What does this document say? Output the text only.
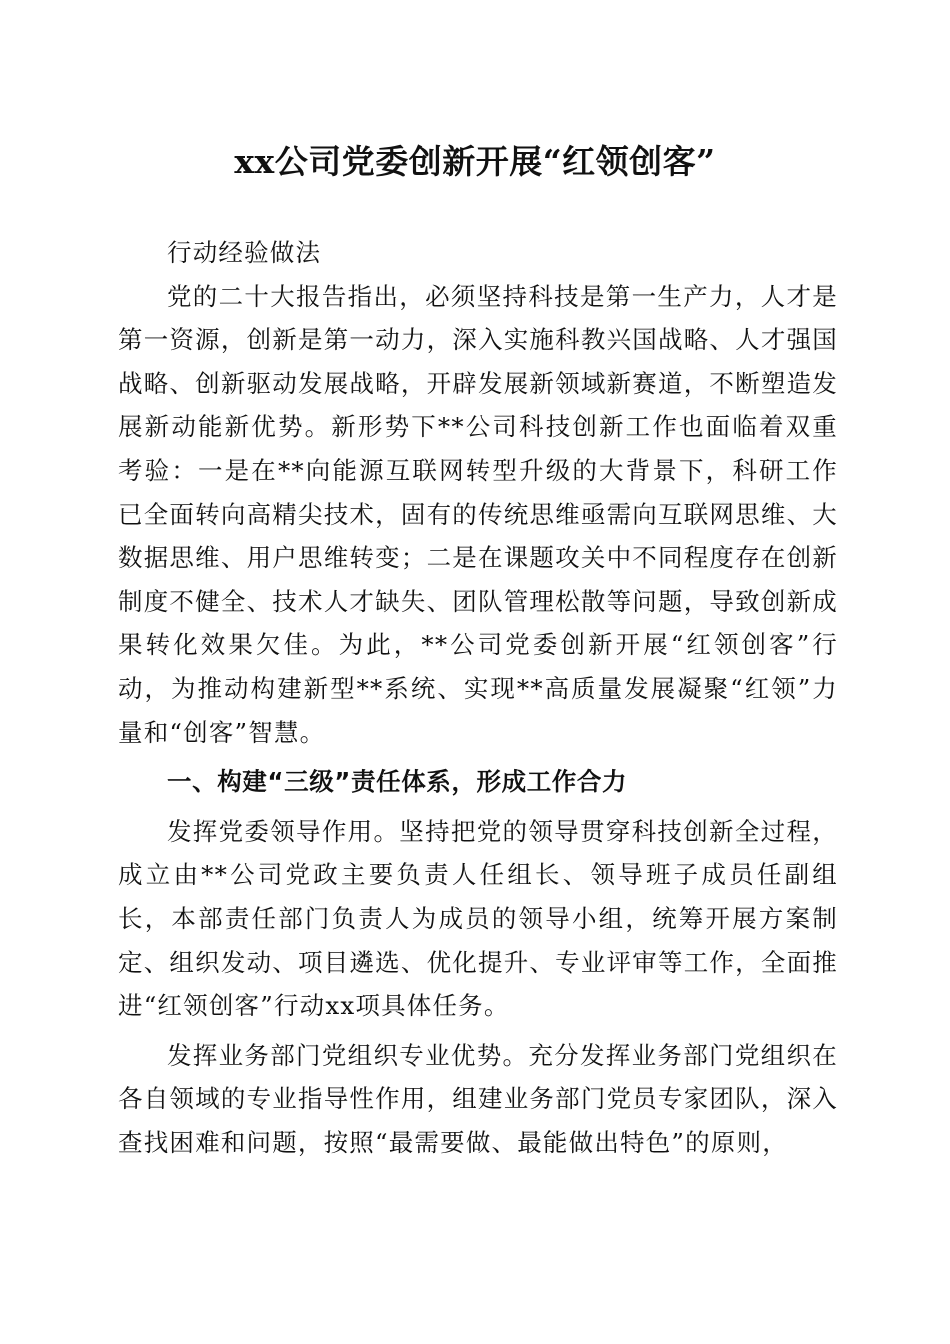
xx公司党委创新开展“红领创客”

行动经验做法

党的二十大报告指出，必须坚持科技是第一生产力，人才是第一资源，创新是第一动力，深入实施科教兴国战略、人才强国战略、创新驱动发展战略，开辟发展新领域新赛道，不断塑造发展新动能新优势。新形势下**公司科技创新工作也面临着双重考验：一是在**向能源互联网转型升级的大背景下，科研工作已全面转向高精尖技术，固有的传统思维亟需向互联网思维、大数据思维、用户思维转变；二是在课题攻关中不同程度存在创新制度不健全、技术人才缺失、团队管理松散等问题，导致创新成果转化效果欠佳。为此，**公司党委创新开展“红领创客”行动，为推动构建新型**系统、实现**高质量发展凝聚“红领”力量和“创客”智慧。

一、构建“三级”责任体系，形成工作合力

发挥党委领导作用。坚持把党的领导贯穿科技创新全过程，成立由**公司党政主要负责人任组长、领导班子成员任副组长，本部责任部门负责人为成员的领导小组，统筹开展方案制定、组织发动、项目遴选、优化提升、专业评审等工作，全面推进“红领创客”行动xx项具体任务。

发挥业务部门党组织专业优势。充分发挥业务部门党组织在各自领域的专业指导性作用，组建业务部门党员专家团队，深入查找困难和问题，按照“最需要做、最能做出特色”的原则，
